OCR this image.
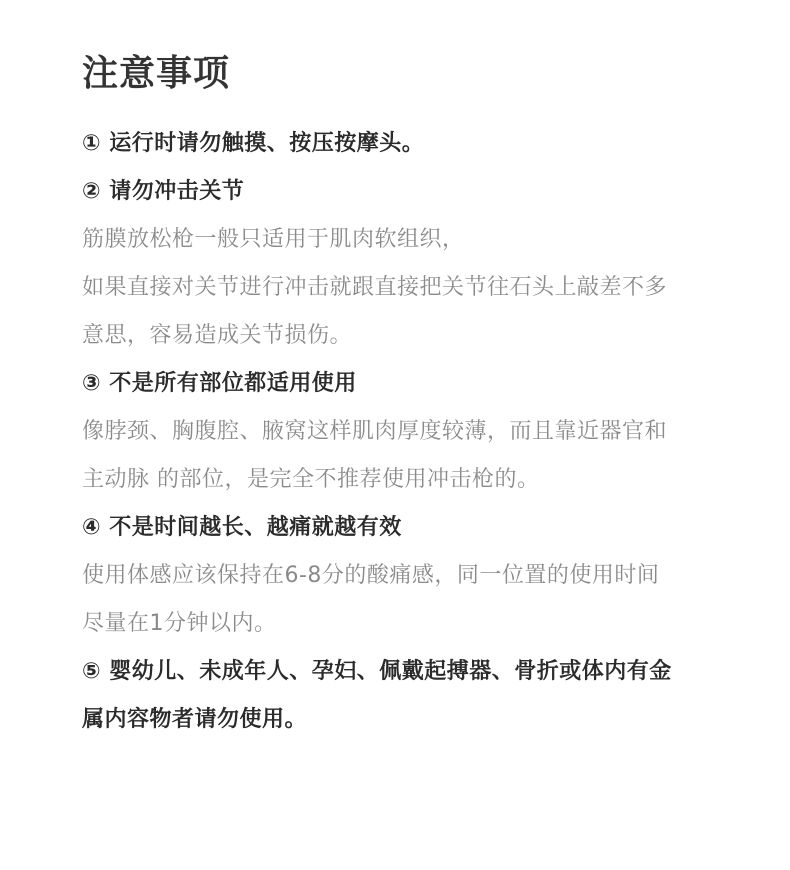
注意事项
① 运行时请勿触摸、按压按摩头。
② 请勿冲击关节
筋膜放松枪一般只适用于肌肉软组织，
如果直接对关节进行冲击就跟直接把关节往石头上敲差不多
意思，容易造成关节损伤。
③ 不是所有部位都适用使用
像脖颈、胸腹腔、腋窝这样肌肉厚度较薄，而且靠近器官和
主动脉 的部位，是完全不推荐使用冲击枪的。
④ 不是时间越长、越痛就越有效
使用体感应该保持在6-8分的酸痛感，同一位置的使用时间
尽量在1分钟以内。
⑤ 婴幼儿、未成年人、孕妇、佩戴起搏器、骨折或体内有金
属内容物者请勿使用。
